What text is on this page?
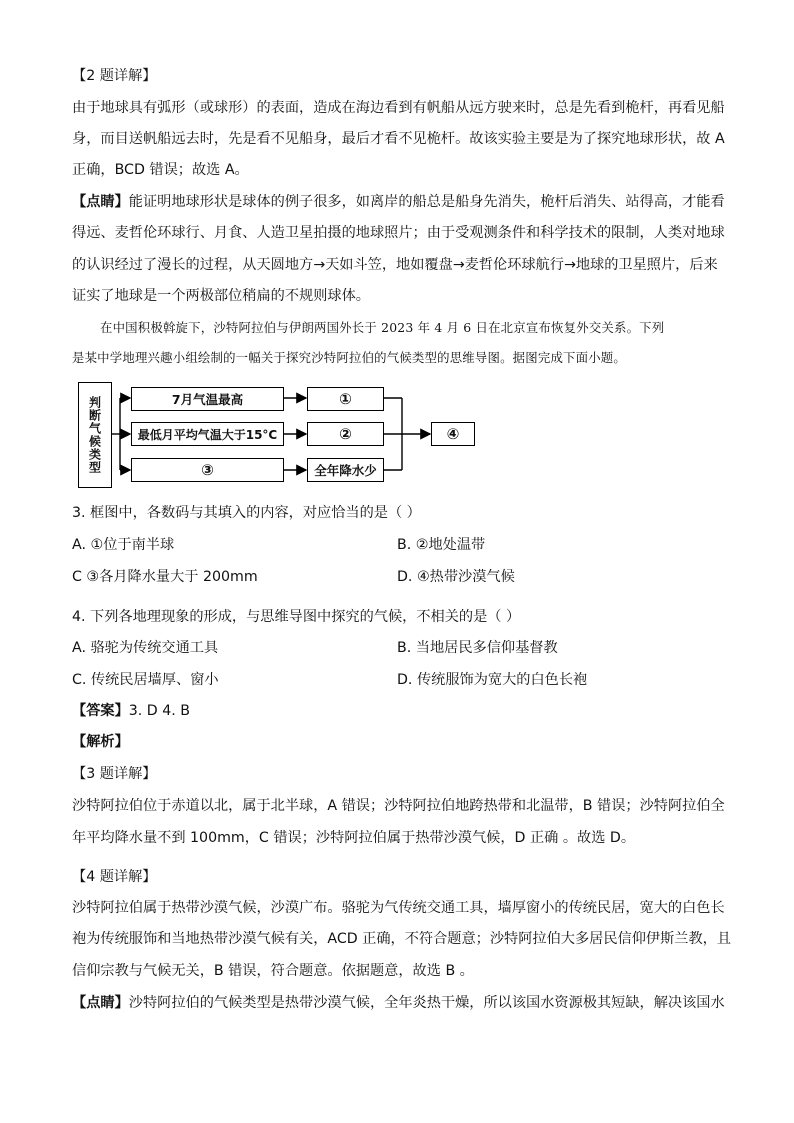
【2 题详解】
由于地球具有弧形（或球形）的表面，造成在海边看到有帆船从远方驶来时，总是先看到桅杆，再看见船
身，而目送帆船远去时，先是看不见船身，最后才看不见桅杆。故该实验主要是为了探究地球形状，故 A
正确，BCD 错误；故选 A。
【点睛】能证明地球形状是球体的例子很多，如离岸的船总是船身先消失，桅杆后消失、站得高，才能看
得远、麦哲伦环球行、月食、人造卫星拍摄的地球照片；由于受观测条件和科学技术的限制，人类对地球
的认识经过了漫长的过程，从天圆地方→天如斗笠，地如覆盘→麦哲伦环球航行→地球的卫星照片，后来
证实了地球是一个两极部位稍扁的不规则球体。
在中国积极斡旋下，沙特阿拉伯与伊朗两国外长于 2023 年 4 月 6 日在北京宣布恢复外交关系。下列
是某中学地理兴趣小组绘制的一幅关于探究沙特阿拉伯的气候类型的思维导图。据图完成下面小题。
判断气候类型	7月气温最高
最低月平均气温大于15°C
③
①
②
全年降水少
④
3. 框图中，各数码与其填入的内容，对应恰当的是（ ）
A. ①位于南半球	B. ②地处温带
C ③各月降水量大于 200mm	D. ④热带沙漠气候
4. 下列各地理现象的形成，与思维导图中探究的气候，不相关的是（ ）
A. 骆驼为传统交通工具	B. 当地居民多信仰基督教
C. 传统民居墙厚、窗小	D. 传统服饰为宽大的白色长袍
【答案】3. D 4. B
【解析】
【3 题详解】
沙特阿拉伯位于赤道以北，属于北半球，A 错误；沙特阿拉伯地跨热带和北温带，B 错误；沙特阿拉伯全
年平均降水量不到 100mm，C 错误；沙特阿拉伯属于热带沙漠气候，D 正确 。故选 D。
【4 题详解】
沙特阿拉伯属于热带沙漠气候，沙漠广布。骆驼为气传统交通工具，墙厚窗小的传统民居，宽大的白色长
袍为传统服饰和当地热带沙漠气候有关，ACD 正确，不符合题意；沙特阿拉伯大多居民信仰伊斯兰教，且
信仰宗教与气候无关，B 错误，符合题意。依据题意，故选 B 。
【点睛】沙特阿拉伯的气候类型是热带沙漠气候，全年炎热干燥，所以该国水资源极其短缺，解决该国水
